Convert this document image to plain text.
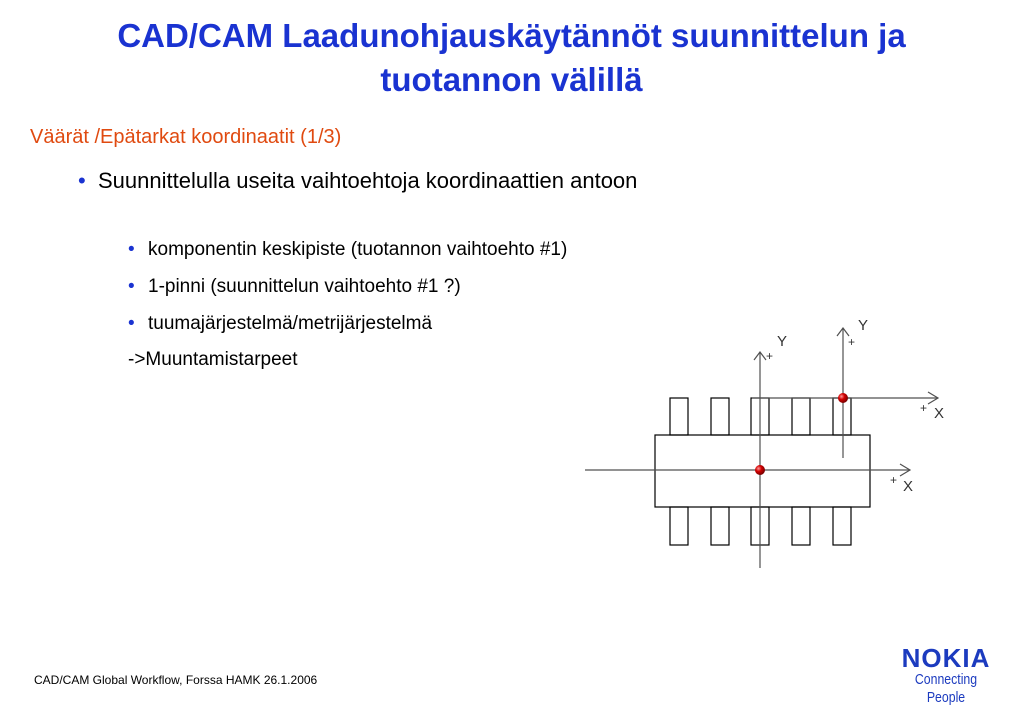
CAD/CAM Laadunohjauskäytännöt suunnittelun ja tuotannon välillä
Väärät /Epätarkat koordinaatit (1/3)
• Suunnittelulla useita vaihtoehtoja koordinaattien antoon
• komponentin keskipiste (tuotannon vaihtoehto #1)
• 1-pinni (suunnittelun vaihtoehto #1 ?)
• tuumajärjestelmä/metrijärjestelmä
->Muuntamistarpeet
Y
+
+ X
Y
+
+ X
CAD/CAM Global Workflow, Forssa HAMK 26.1.2006
NOKIA
Connecting People
